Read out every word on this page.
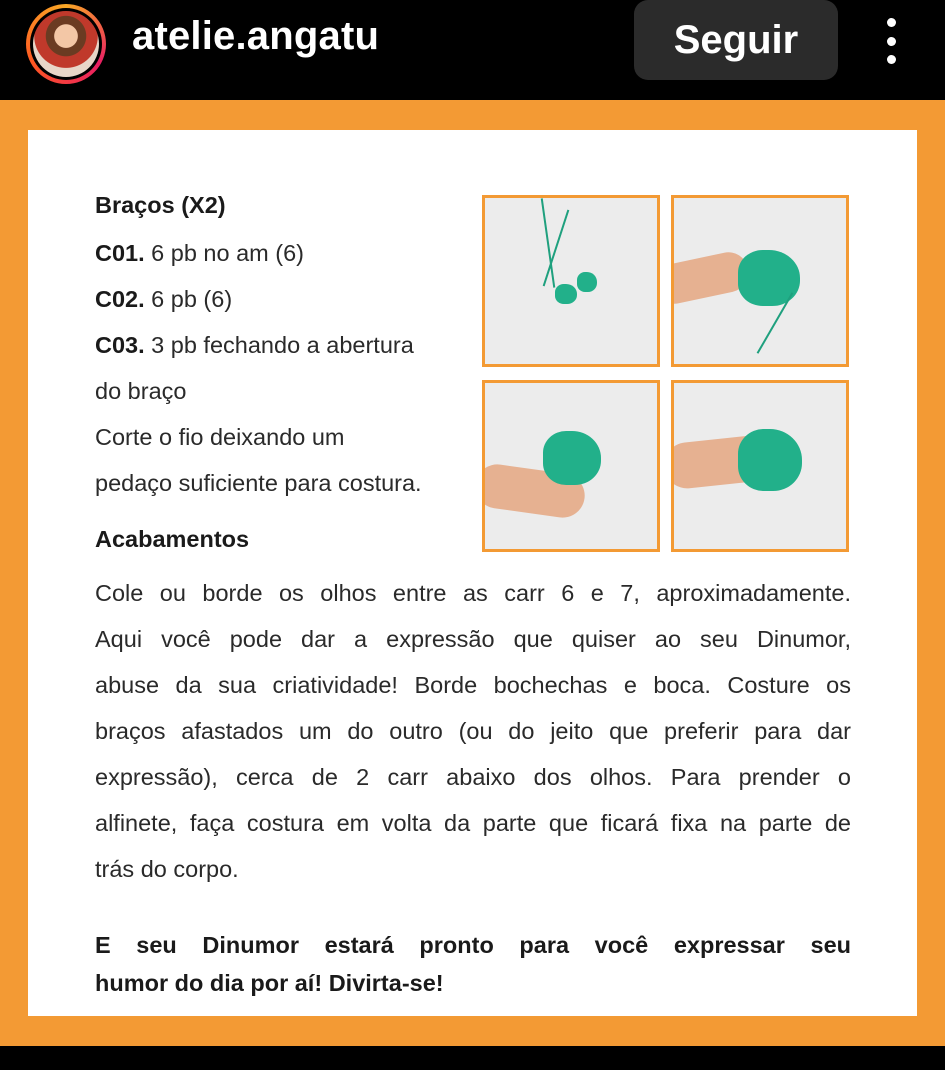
atelie.angatu	Seguir
Braços (X2)
C01. 6 pb no am (6)
C02. 6 pb (6)
C03. 3 pb fechando a abertura
do braço
Corte o fio deixando um
pedaço suficiente para costura.
Acabamentos
Cole ou borde os olhos entre as carr 6 e 7, aproximadamente.
Aqui você pode dar a expressão que quiser ao seu Dinumor,
abuse da sua criatividade! Borde bochechas e boca. Costure os
braços afastados um do outro (ou do jeito que preferir para dar
expressão), cerca de 2 carr abaixo dos olhos. Para prender o
alfinete, faça costura em volta da parte que ficará fixa na parte de
trás do corpo.
E seu Dinumor estará pronto para você expressar seu
humor do dia por aí! Divirta-se!
